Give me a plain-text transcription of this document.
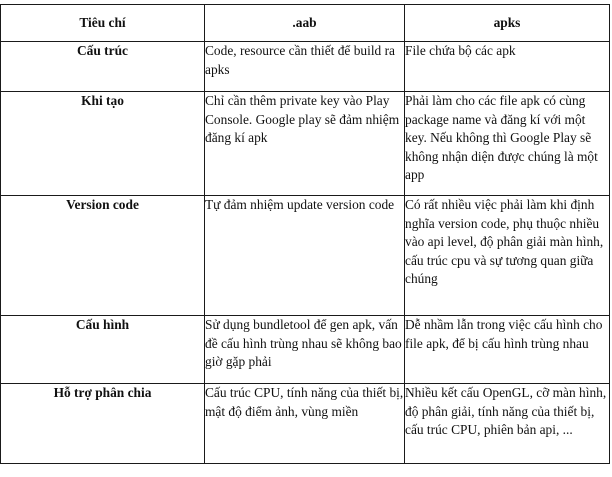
Tiêu chí	.aab	apks
Cấu trúc	Code, resource cần thiết để build ra apks	File chứa bộ các apk
Khi tạo	Chỉ cần thêm private key vào Play Console. Google play sẽ đảm nhiệm đăng kí apk	Phải làm cho các file apk có cùng package name và đăng kí với một key. Nếu không thì Google Play sẽ không nhận diện được chúng là một app
Version code	Tự đảm nhiệm update version code	Có rất nhiều việc phải làm khi định nghĩa version code, phụ thuộc nhiều vào api level, độ phân giải màn hình, cấu trúc cpu và sự tương quan giữa chúng
Cấu hình	Sử dụng bundletool để gen apk, vấn đề cấu hình trùng nhau sẽ không bao giờ gặp phải	Dễ nhầm lẫn trong việc cấu hình cho file apk, để bị cấu hình trùng nhau
Hỗ trợ phân chia	Cấu trúc CPU, tính năng của thiết bị, mật độ điểm ảnh, vùng miền	Nhiều kết cấu OpenGL, cỡ màn hình, độ phân giải, tính năng của thiết bị, cấu trúc CPU, phiên bản api, ...
